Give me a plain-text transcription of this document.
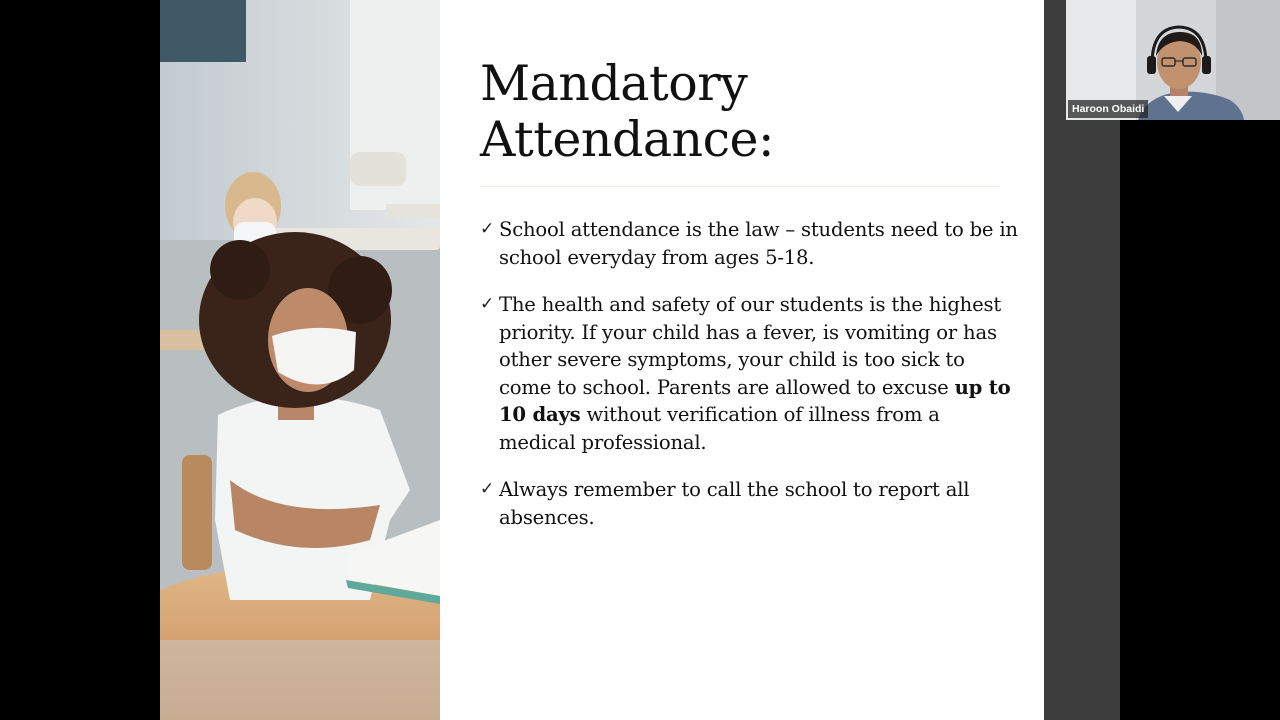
Mandatory
Attendance:
✓ School attendance is the law – students need to be in school everyday from ages 5-18.
✓ The health and safety of our students is the highest priority. If your child has a fever, is vomiting or has other severe symptoms, your child is too sick to come to school. Parents are allowed to excuse up to 10 days without verification of illness from a medical professional.
✓ Always remember to call the school to report all absences.
Haroon Obaidi
